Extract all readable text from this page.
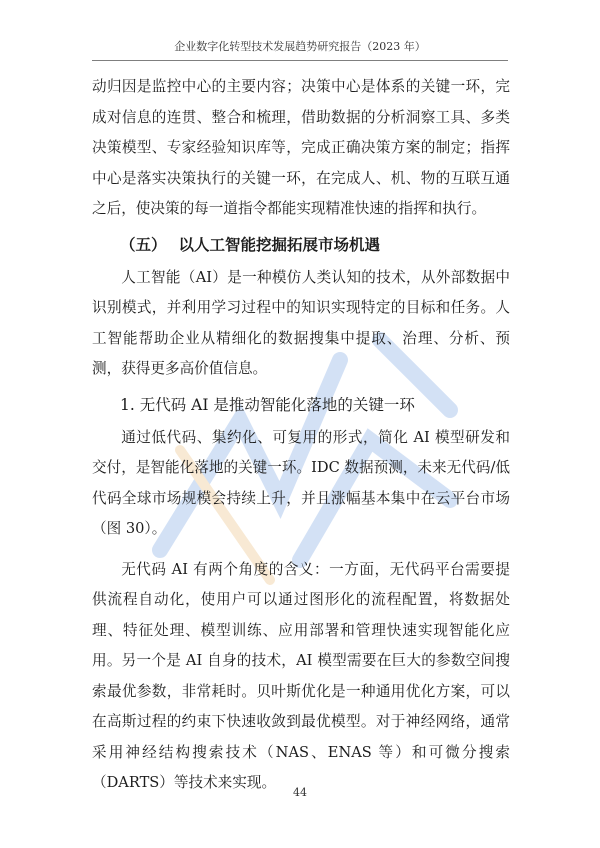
企业数字化转型技术发展趋势研究报告（2023 年）

动归因是监控中心的主要内容；决策中心是体系的关键一环，完成对信息的连贯、整合和梳理，借助数据的分析洞察工具、多类决策模型、专家经验知识库等，完成正确决策方案的制定；指挥中心是落实决策执行的关键一环，在完成人、机、物的互联互通之后，使决策的每一道指令都能实现精准快速的指挥和执行。

（五） 以人工智能挖掘拓展市场机遇

人工智能（AI）是一种模仿人类认知的技术，从外部数据中识别模式，并利用学习过程中的知识实现特定的目标和任务。人工智能帮助企业从精细化的数据搜集中提取、治理、分析、预测，获得更多高价值信息。

1. 无代码 AI 是推动智能化落地的关键一环

通过低代码、集约化、可复用的形式，简化 AI 模型研发和交付，是智能化落地的关键一环。IDC 数据预测，未来无代码/低代码全球市场规模会持续上升，并且涨幅基本集中在云平台市场（图 30）。

无代码 AI 有两个角度的含义：一方面，无代码平台需要提供流程自动化，使用户可以通过图形化的流程配置，将数据处理、特征处理、模型训练、应用部署和管理快速实现智能化应用。另一个是 AI 自身的技术，AI 模型需要在巨大的参数空间搜索最优参数，非常耗时。贝叶斯优化是一种通用优化方案，可以在高斯过程的约束下快速收敛到最优模型。对于神经网络，通常采用神经结构搜索技术（NAS、ENAS 等）和可微分搜索（DARTS）等技术来实现。

44
